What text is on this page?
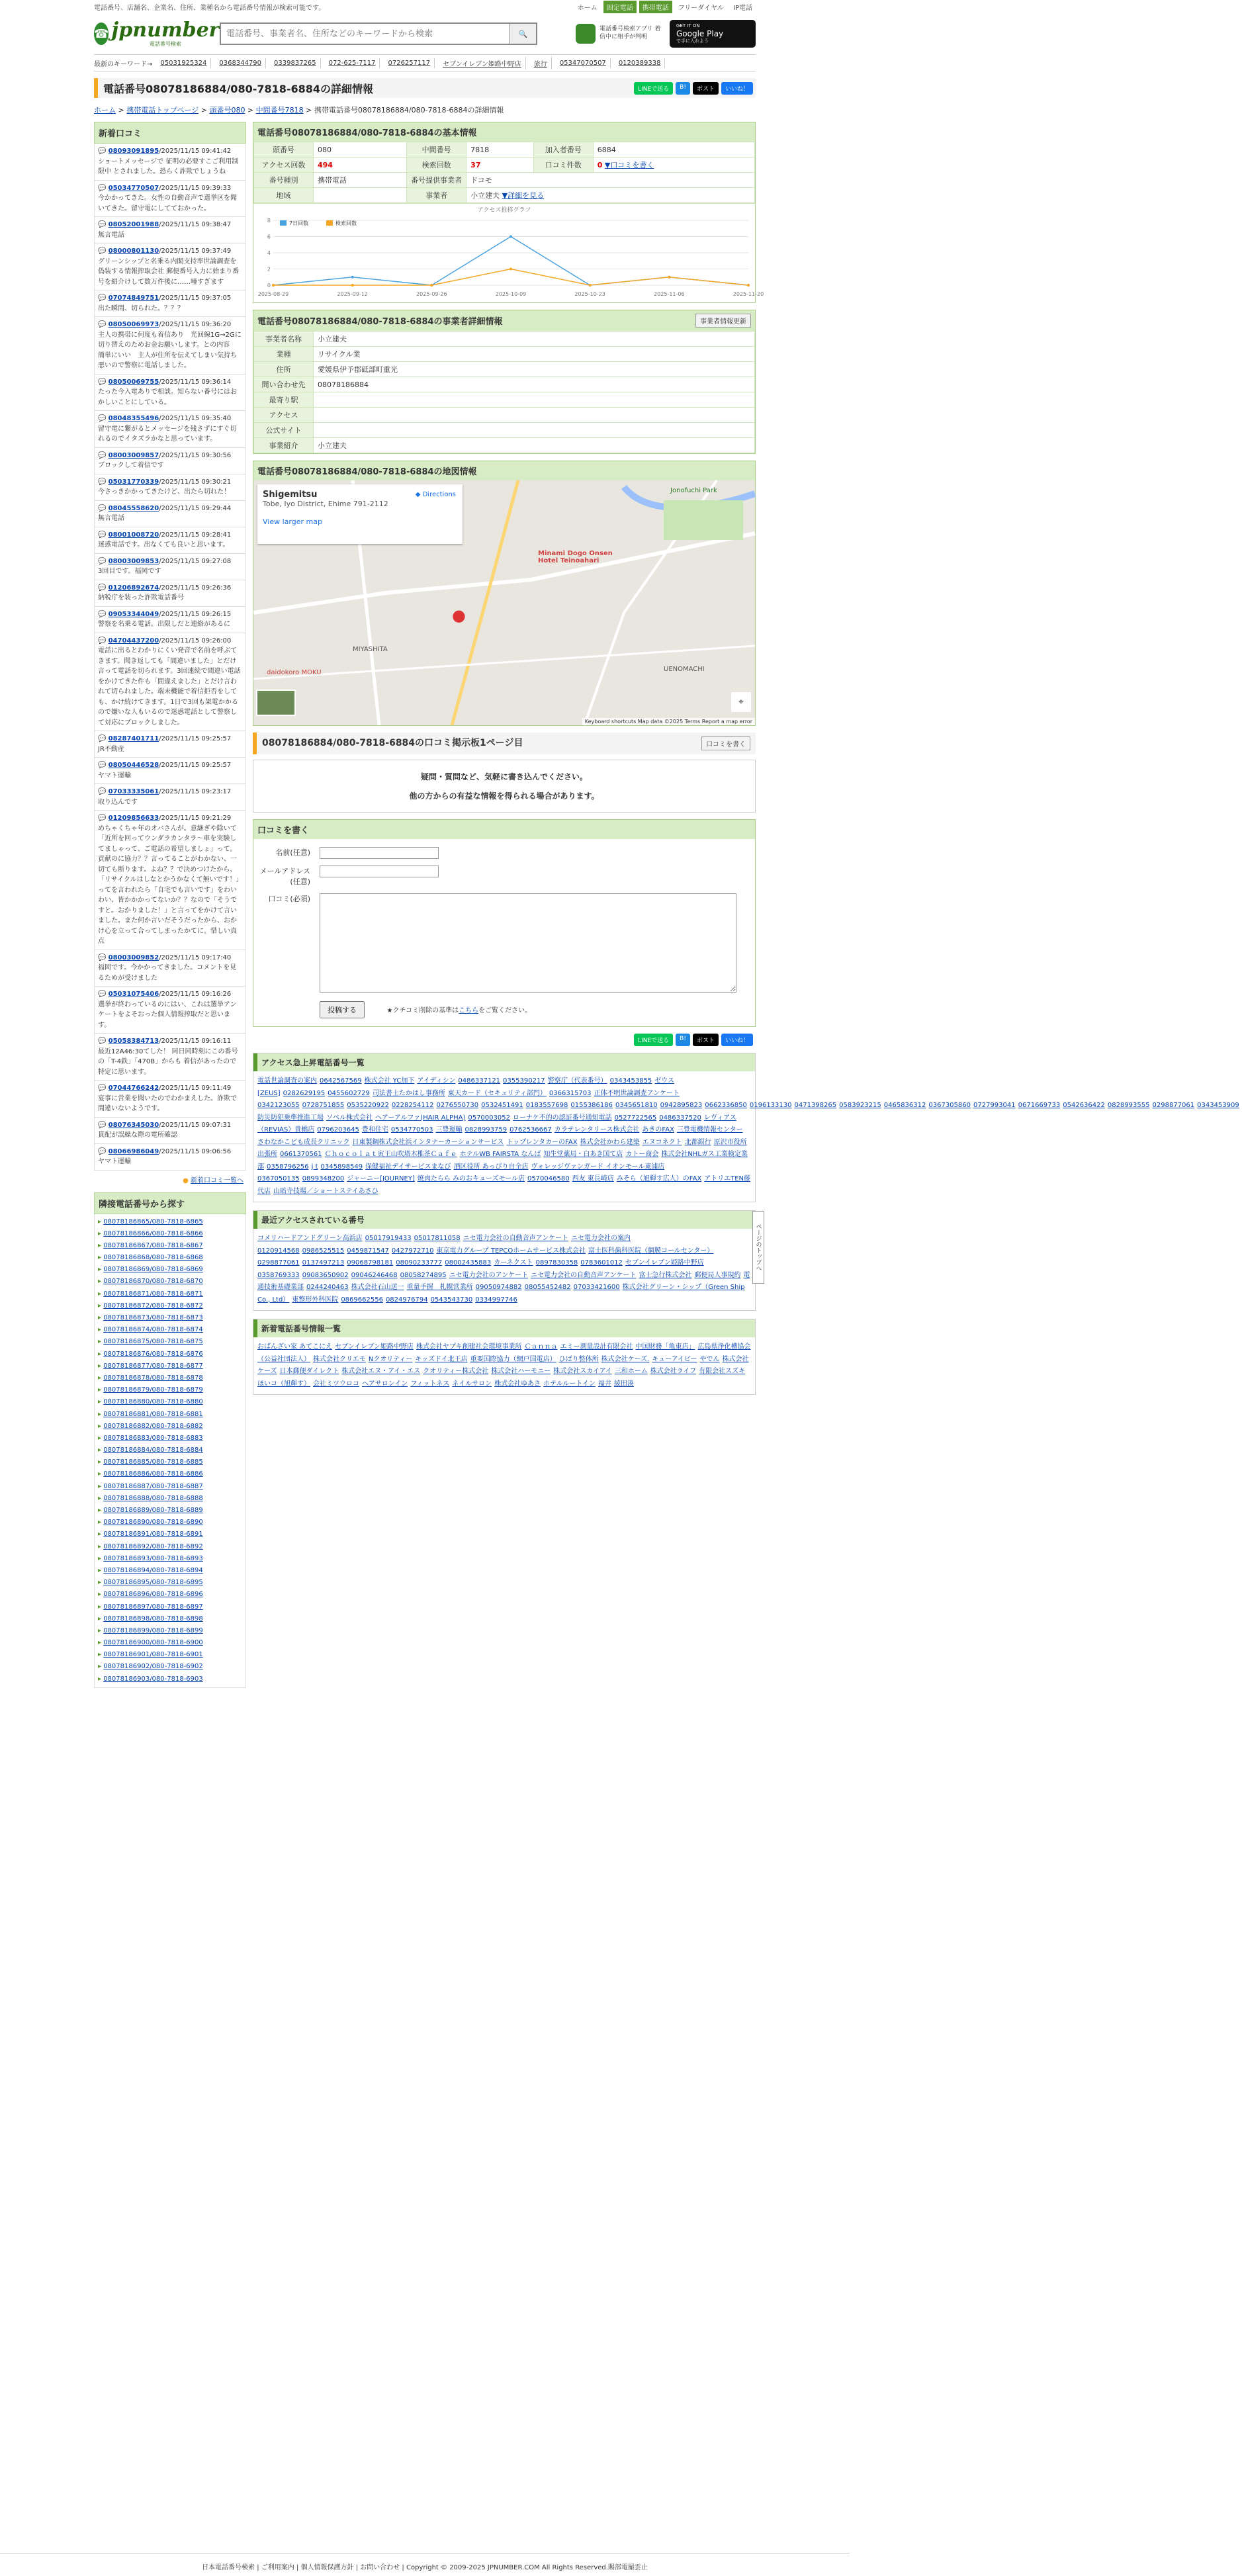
電話番号、店舗名、企業名、住所、業種名から電話番号情報が検索可能です。	ホーム	固定電話	携帯電話	フリーダイヤル	IP電話
☎ jpnumber
電話番号検索
電話番号、事業者名、住所などのキーワードから検索
🔍
電話番号検索アプリ 着信中に相手が判明
GET IT ON
Google Play
で手に入れよう
最新のキーワード→	05031925324	0368344790	0339837265	072-625-7117	0726257117	セブンイレブン姫路中野店	旅行	05347070507	0120389338
電話番号08078186884/080-7818-6884の詳細情報	LINEで送る	B!	ポスト	いいね！
ホーム > 携帯電話トップページ > 頭番号080 > 中間番号7818 > 携帯電話番号08078186884/080-7818-6884の詳細情報
新着口コミ
💬 08093091895/2025/11/15 09:41:42
ショートメッセージで 征明の必要すこご利用制限中 とされました。恐らく詐欺でしょうね
💬 05034770507/2025/11/15 09:39:33
今かかってきた。女性の自動音声で選挙区を聞いてきた。留守電にしてておかった。
💬 08052001988/2025/11/15 09:38:47
無言電話
💬 08000801130/2025/11/15 09:37:49
グリーンシップと名乗る内閣支持率世論調査を偽装する情報搾取会社 郵便番号入力に始まり番号を紹介けして数万件後に……唖すぎます
💬 07074849751/2025/11/15 09:37:05
出た瞬間、切られた。？？？
💬 08050069973/2025/11/15 09:36:20
主人の携帯に何度も着信あり　光回線1G→2Gに切り替えのためお金お願いします。との内容　簡単にいい　主人が住所を伝えてしまい気持ち悪いので警察に電話しました。
💬 08050069755/2025/11/15 09:36:14
たった今入電ありで相談。知らない番号にはおかしいことにしている。
💬 08048355496/2025/11/15 09:35:40
留守電に繋がるとメッセージを残さずにすぐ切れるのでイタズラかなと思っています。
💬 08003009857/2025/11/15 09:30:56
ブロックして着信です
💬 05031770339/2025/11/15 09:30:21
今さっきかかってきたけど、出たら切れた！
💬 08045558620/2025/11/15 09:29:44
無言電話
💬 08001008720/2025/11/15 09:28:41
迷惑電話です。出なくても良いと思います。
💬 08003009853/2025/11/15 09:27:08
3回目です。福岡です
💬 01206892674/2025/11/15 09:26:36
納税庁を装った詐欺電話番号
💬 09053344049/2025/11/15 09:26:15
警察を名乗る電話。出限しだと連絡があるに
💬 04704437200/2025/11/15 09:26:00
電話に出るとわかりにくい発音で名前を呼ぶてきます。聞き返しても「間違いました」とだけ言って電話を切られます。3回連続で間違い電話をかけてきた件も「間違えました」とだけ言われて切られました。端末機能で着信拒否をしても、かけ続けてきます。1日で3回も架電かかるので嫌いな人もいるので迷惑電話として警察して対応にブロックしました。
💬 08287401711/2025/11/15 09:25:57
JR不動産
💬 08050446528/2025/11/15 09:25:57
ヤマト運輸
💬 07033335061/2025/11/15 09:23:17
取り込んです
💬 01209856633/2025/11/15 09:21:29
めちゃくちゃ年のオバさんが。意継ぎや除いて「近所を回ってウンダラカンタラ〜車を実験してましゃって、ご電話の希望しましょ」って。貢献のに協力？？言ってることがわかない、一切ても断ります。よね？？で決めつけたから、「リサイクルはしなとかうかなくて無いです！」ってを言われたら「自宅でも言いです」をわいわい、皆かかかってないか？？なので「そうですと。おかりました！」と言ってをかけて言いました。また何か言いだそうだったから、おかけ心を立って合ってしまったかてに。惜しい真点
💬 08003009852/2025/11/15 09:17:40
福岡です。今かかってきました。コメントを見るためが受けました
💬 05031075406/2025/11/15 09:16:26
選挙が終わっているのにはい、これは選挙アンケートをよそおった個人情報搾取だと思います。
💬 05058384713/2025/11/15 09:16:11
最近12A46:30てした！ 同日同時刻にこの番号の「T-4鉄」「470B」からも 着信があったので特定に思います。
💬 07044766242/2025/11/15 09:11:49
宴事に営業を聞いたのでわかまえした。詐欺で間違いないようです。
💬 08076345030/2025/11/15 09:07:31
貫配が誤繰な際の電所確認
💬 08066986049/2025/11/15 09:06:56
ヤマト運輸
● 新着口コミ一覧へ
隣接電話番号から探す
▸ 08078186865/080-7818-6865
▸ 08078186866/080-7818-6866
▸ 08078186867/080-7818-6867
▸ 08078186868/080-7818-6868
▸ 08078186869/080-7818-6869
▸ 08078186870/080-7818-6870
▸ 08078186871/080-7818-6871
▸ 08078186872/080-7818-6872
▸ 08078186873/080-7818-6873
▸ 08078186874/080-7818-6874
▸ 08078186875/080-7818-6875
▸ 08078186876/080-7818-6876
▸ 08078186877/080-7818-6877
▸ 08078186878/080-7818-6878
▸ 08078186879/080-7818-6879
▸ 08078186880/080-7818-6880
▸ 08078186881/080-7818-6881
▸ 08078186882/080-7818-6882
▸ 08078186883/080-7818-6883
▸ 08078186884/080-7818-6884
▸ 08078186885/080-7818-6885
▸ 08078186886/080-7818-6886
▸ 08078186887/080-7818-6887
▸ 08078186888/080-7818-6888
▸ 08078186889/080-7818-6889
▸ 08078186890/080-7818-6890
▸ 08078186891/080-7818-6891
▸ 08078186892/080-7818-6892
▸ 08078186893/080-7818-6893
▸ 08078186894/080-7818-6894
▸ 08078186895/080-7818-6895
▸ 08078186896/080-7818-6896
▸ 08078186897/080-7818-6897
▸ 08078186898/080-7818-6898
▸ 08078186899/080-7818-6899
▸ 08078186900/080-7818-6900
▸ 08078186901/080-7818-6901
▸ 08078186902/080-7818-6902
▸ 08078186903/080-7818-6903
電話番号08078186884/080-7818-6884の基本情報
頭番号	080	中間番号	7818	加入者番号	6884
アクセス回数	494	検索回数	37	口コミ件数	0 ▼口コミを書く
番号種別	携帯電話	番号提供事業者	ドコモ		
地域		事業者	小立建夫 ▼詳細を見る		
アクセス推移グラフ
0
2
4
6
8
2025-08-29	2025-09-12	2025-09-26	2025-10-09	2025-10-23	2025-11-06	2025-11-20
7日回数	検索回数
電話番号08078186884/080-7818-6884の事業者詳細情報	事業者情報更新
事業者名称	小立建夫
業種	リサイクル業
住所	愛媛県伊予郡砥部町重光
問い合わせ先	08078186884
最寄り駅	
アクセス	
公式サイト	
事業紹介	小立建夫
電話番号08078186884/080-7818-6884の地図情報
Shigemitsu
Tobe, Iyo District, Ehime 791-2112
◆ Directions
View larger map
Minami Dogo Onsen Hotel Teinoahari
MIYASHITA
daidokoro MOKU	UENOMACHI
Jonofuchi Park
●
⌖
Keyboard shortcuts Map data ©2025 Terms Report a map error
08078186884/080-7818-6884の口コミ掲示板1ページ目	口コミを書く
疑問・質問など、気軽に書き込んでください。
他の方からの有益な情報を得られる場合があります。
口コミを書く
名前(任意)	
メールアドレス(任意)	
口コミ(必須)	
	投稿する ★クチコミ削除の基準はこちらをご覧ください。
LINEで送る	B!	ポスト	いいね！
アクセス急上昇電話番号一覧
電話世論調査の案内 0642567569 株式会社 YC加下 アイディシン 0486337121 0355390217 警察庁（代表番号） 0343453855 ゼウス[ZEUS] 0282629195 0455602729 司法書士たかはし事務所 東天カード（セキュリティ部門） 0366315703 正体不明世論調査アンケート0342123055 0728751855 0535220922 0228254112 0276550730 0532451491 0183557698 0155386186 0345651810 0942895823 0662336850 0196133130 0471398265 0583923215 0465836312 0367305860 0727993041 0671669733 0542636422 0828993555 0298877061 0343453909防災防犯乗準推進工場 ソベル株式会社 ヘアーアルファ(HAIR ALPHA) 0570003052 ローナケ不的の認証番号通知電話 0527722565 0486337520 レヴィアス（REVIAS）貴橋店 0796203645 豊和住宅 0534770503 三豊運輸 0828993759 0762536667 カラテレンタリース株式会社 あきのFAX 三豊電機情報センターさわなかこども成長クリニック 日東製鋼株式会社浜インタナーカーションサービス トップレンタカーのFAX 株式会社かわら建築 エヌコネクト 北都銀行 原沢市役所出張所 0661370561 Ｃｈｏｃｏｌａｔ寅王山吹塔木椎茶Ｃａｆｅ ホテルWB FAIRSTA なんば 知生堂薬局・白あき国て店 カトー商会 株式会社NHLガス工業検定業部 0358796256 j t 0345898549 保健福祉デイサービスまなび 酒区役所 あっぴり自全店 ヴォレッジヴァンガード イオンモール東浦店0367050135 0899348200 ジャーニー[JOURNEY] 焼肉たらら みのおキューズモール店 0570046580 西友 東長崎店 みそら（旭輝す広人）のFAX アトリエTEN藤代店 山暗寺技場／ショートステイあさひ
最近アクセスされている番号
コメリハードアンドグリーン高浜店 05017919433 05017811058 ニセ電力会社の自動音声アンケート ニセ電力会社の案内0120914568 0986525515 0459871547 0427972710 東京電力グループ TEPCOホームサービス株式会社 富士医科歯科医院（網膜コールセンター）0298877061 0137497213 09068798181 08090233777 08002435883 カーネクスト 0897830358 0783601012 セブンイレブン姫路中野店0358769333 09083650902 09046246468 08058274895 ニセ電力会社のアンケート ニセ電力会社の自動音声アンケート 富士急行株式会社 郵便局人事規約 電通技術基礎業部 0244240463 株式会社石山送一 重量手握　札幌営業所 09050974882 08055452482 07033421600 株式会社グリーン・シップ（Green Ship Co., Ltd） 東整形外科医院 0869662556 0824976794 0543543730 0334997746
新着電話番号情報一覧
おばんざい家 あてこにえ セブンイレブン姫路中野店 株式会社ヤプキ創建社会環境事業所 Ｃａｎｎａ エミー測量設計有限会社 中国財務「亀東店」 広島県浄化槽協会（公益社団法人） 株式会社クリエモ Nクオリティー キッズドイ北王店 重要国際協力（網戸国電店） ひばり整体所 株式会社ケーズ. キューアイビー やでん 株式会社ケーズ 日本郵便ダイレクト 株式会社エヌ・アイ・エス クオリティー株式会社 株式会社ハーモニー 株式会社スカイアイ 三和ホーム 株式会社ライフ 有限会社スズキほいコ（旭輝す） 会社ミツウロコ ヘアサロンイン フィットネス ネイルサロン 株式会社ゆあさ ホテルルートイン 福井 綾田湊
ページのトップへ
日本電話番号検索 | ご利用案内 | 個人情報保護方針 | お問い合わせ | Copyright © 2009-2025 JPNUMBER.COM All Rights Reserved.賜部電撮雲止
